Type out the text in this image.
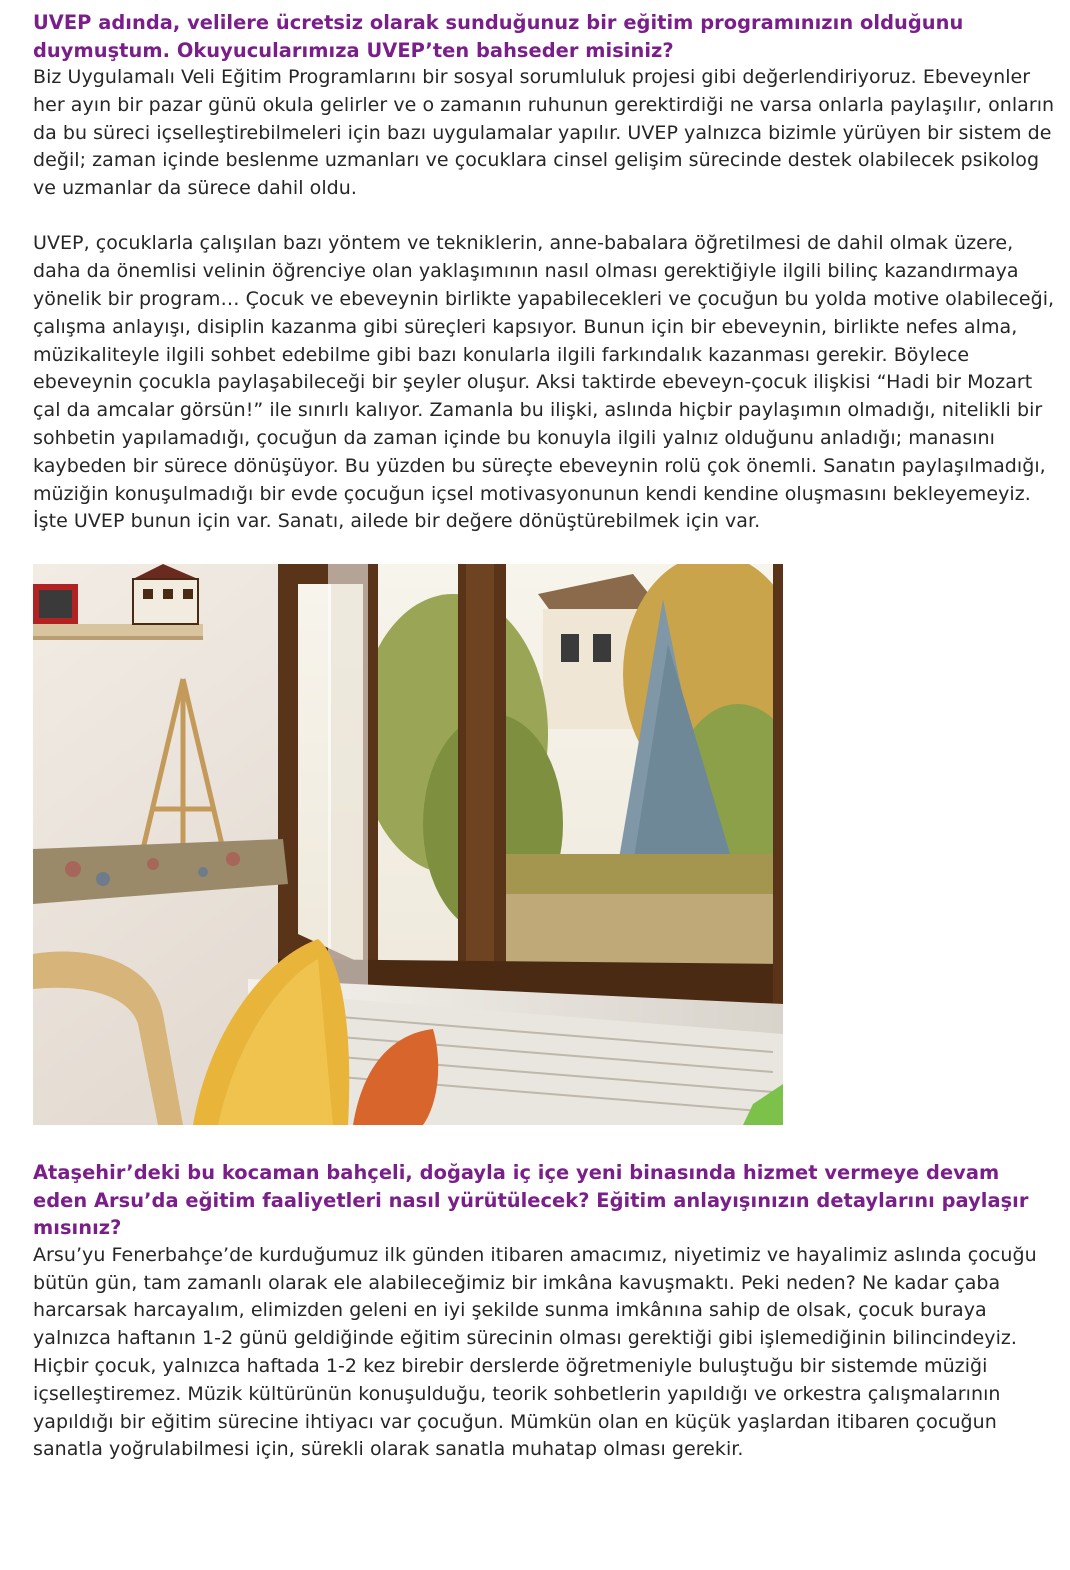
UVEP adında, velilere ücretsiz olarak sunduğunuz bir eğitim programınızın olduğunu duymuştum. Okuyucularımıza UVEP’ten bahseder misiniz?

Biz Uygulamalı Veli Eğitim Programlarını bir sosyal sorumluluk projesi gibi değerlendiriyoruz. Ebeveynler her ayın bir pazar günü okula gelirler ve o zamanın ruhunun gerektirdiği ne varsa onlarla paylaşılır, onların da bu süreci içselleştirebilmeleri için bazı uygulamalar yapılır. UVEP yalnızca bizimle yürüyen bir sistem de değil; zaman içinde beslenme uzmanları ve çocuklara cinsel gelişim sürecinde destek olabilecek psikolog ve uzmanlar da sürece dahil oldu.

UVEP, çocuklarla çalışılan bazı yöntem ve tekniklerin, anne-babalara öğretilmesi de dahil olmak üzere, daha da önemlisi velinin öğrenciye olan yaklaşımının nasıl olması gerektiğiyle ilgili bilinç kazandırmaya yönelik bir program… Çocuk ve ebeveynin birlikte yapabilecekleri ve çocuğun bu yolda motive olabileceği, çalışma anlayışı, disiplin kazanma gibi süreçleri kapsıyor. Bunun için bir ebeveynin, birlikte nefes alma, müzikaliteyle ilgili sohbet edebilme gibi bazı konularla ilgili farkındalık kazanması gerekir. Böylece ebeveynin çocukla paylaşabileceği bir şeyler oluşur. Aksi taktirde ebeveyn-çocuk ilişkisi “Hadi bir Mozart çal da amcalar görsün!” ile sınırlı kalıyor. Zamanla bu ilişki, aslında hiçbir paylaşımın olmadığı, nitelikli bir sohbetin yapılamadığı, çocuğun da zaman içinde bu konuyla ilgili yalnız olduğunu anladığı; manasını kaybeden bir sürece dönüşüyor. Bu yüzden bu süreçte ebeveynin rolü çok önemli. Sanatın paylaşılmadığı, müziğin konuşulmadığı bir evde çocuğun içsel motivasyonunun kendi kendine oluşmasını bekleyemeyiz. İşte UVEP bunun için var. Sanatı, ailede bir değere dönüştürebilmek için var.

Ataşehir’deki bu kocaman bahçeli, doğayla iç içe yeni binasında hizmet vermeye devam eden Arsu’da eğitim faaliyetleri nasıl yürütülecek? Eğitim anlayışınızın detaylarını paylaşır mısınız?

Arsu’yu Fenerbahçe’de kurduğumuz ilk günden itibaren amacımız, niyetimiz ve hayalimiz aslında çocuğu bütün gün, tam zamanlı olarak ele alabileceğimiz bir imkâna kavuşmaktı. Peki neden? Ne kadar çaba harcarsak harcayalım, elimizden geleni en iyi şekilde sunma imkânına sahip de olsak, çocuk buraya yalnızca haftanın 1-2 günü geldiğinde eğitim sürecinin olması gerektiği gibi işlemediğinin bilincindeyiz. Hiçbir çocuk, yalnızca haftada 1-2 kez birebir derslerde öğretmeniyle buluştuğu bir sistemde müziği içselleştiremez. Müzik kültürünün konuşulduğu, teorik sohbetlerin yapıldığı ve orkestra çalışmalarının yapıldığı bir eğitim sürecine ihtiyacı var çocuğun. Mümkün olan en küçük yaşlardan itibaren çocuğun sanatla yoğrulabilmesi için, sürekli olarak sanatla muhatap olması gerekir.
